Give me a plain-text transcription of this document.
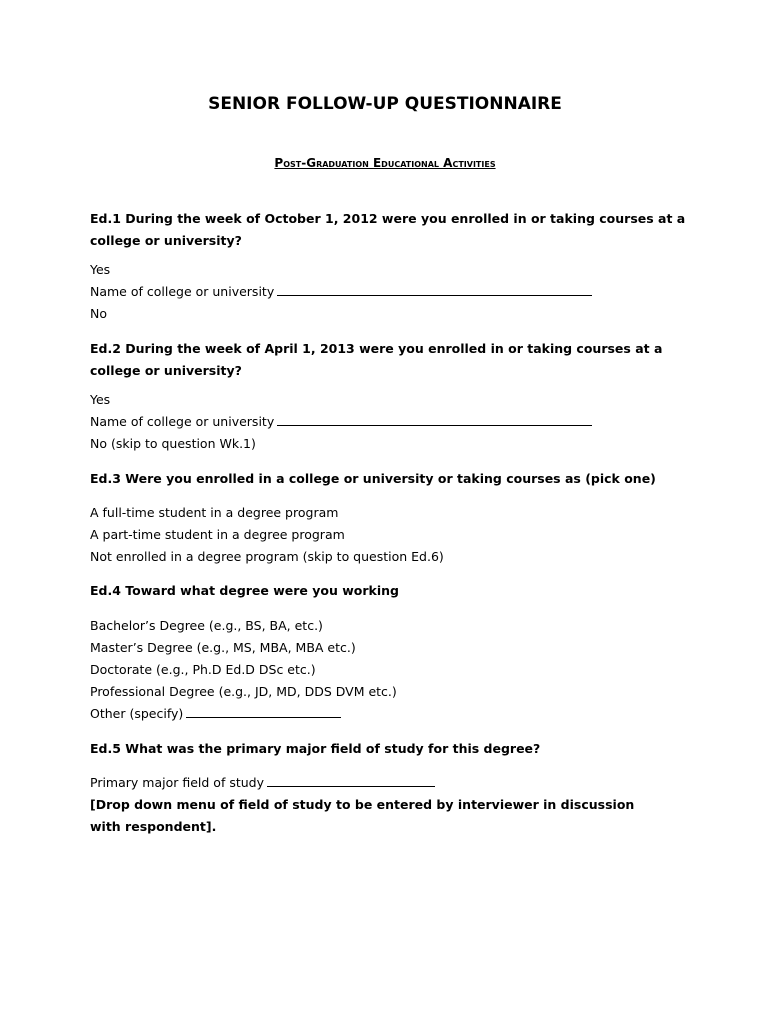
SENIOR FOLLOW-UP QUESTIONNAIRE
Post-Graduation Educational Activities
Ed.1 During the week of October 1, 2012 were you enrolled in or taking courses at a college or university?
Yes
Name of college or university
No
Ed.2 During the week of April 1, 2013 were you enrolled in or taking courses at a college or university?
Yes
Name of college or university
No (skip to question Wk.1)
Ed.3 Were you enrolled in a college or university or taking courses as (pick one)
A full-time student in a degree program
A part-time student in a degree program
Not enrolled in a degree program (skip to question Ed.6)
Ed.4 Toward what degree were you working
Bachelor’s Degree (e.g., BS, BA, etc.)
Master’s Degree (e.g., MS, MBA, MBA etc.)
Doctorate (e.g., Ph.D Ed.D DSc etc.)
Professional Degree (e.g., JD, MD, DDS DVM etc.)
Other (specify)
Ed.5 What was the primary major field of study for this degree?
Primary major field of study
[Drop down menu of field of study to be entered by interviewer in discussion with respondent].
